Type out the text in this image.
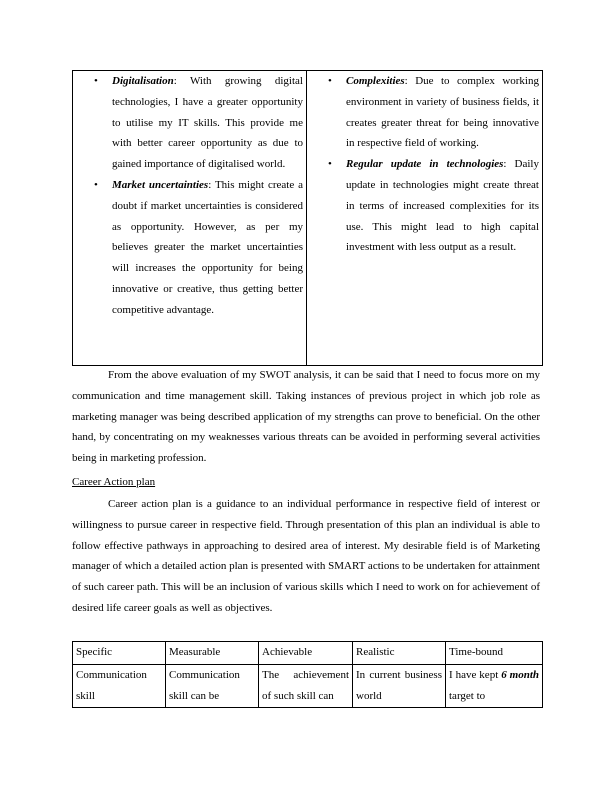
• Digitalisation: With growing digital technologies, I have a greater opportunity to utilise my IT skills. This provide me with better career opportunity as due to gained importance of digitalised world.
• Market uncertainties: This might create a doubt if market uncertainties is considered as opportunity. However, as per my believes greater the market uncertainties will increases the opportunity for being innovative or creative, thus getting better competitive advantage.

• Complexities: Due to complex working environment in variety of business fields, it creates greater threat for being innovative in respective field of working.
• Regular update in technologies: Daily update in technologies might create threat in terms of increased complexities for its use. This might lead to high capital investment with less output as a result.

From the above evaluation of my SWOT analysis, it can be said that I need to focus more on my communication and time management skill. Taking instances of previous project in which job role as marketing manager was being described application of my strengths can prove to beneficial. On the other hand, by concentrating on my weaknesses various threats can be avoided in performing several activities being in marketing profession.

Career Action plan

Career action plan is a guidance to an individual performance in respective field of interest or willingness to pursue career in respective field. Through presentation of this plan an individual is able to follow effective pathways in approaching to desired area of interest. My desirable field is of Marketing manager of which a detailed action plan is presented with SMART actions to be undertaken for attainment of such career path. This will be an inclusion of various skills which I need to work on for achievement of desired life career goals as well as objectives.

Specific	Measurable	Achievable	Realistic	Time-bound
Communication skill	Communication skill can be	The achievement of such skill can	In current business world	I have kept 6 month target to
